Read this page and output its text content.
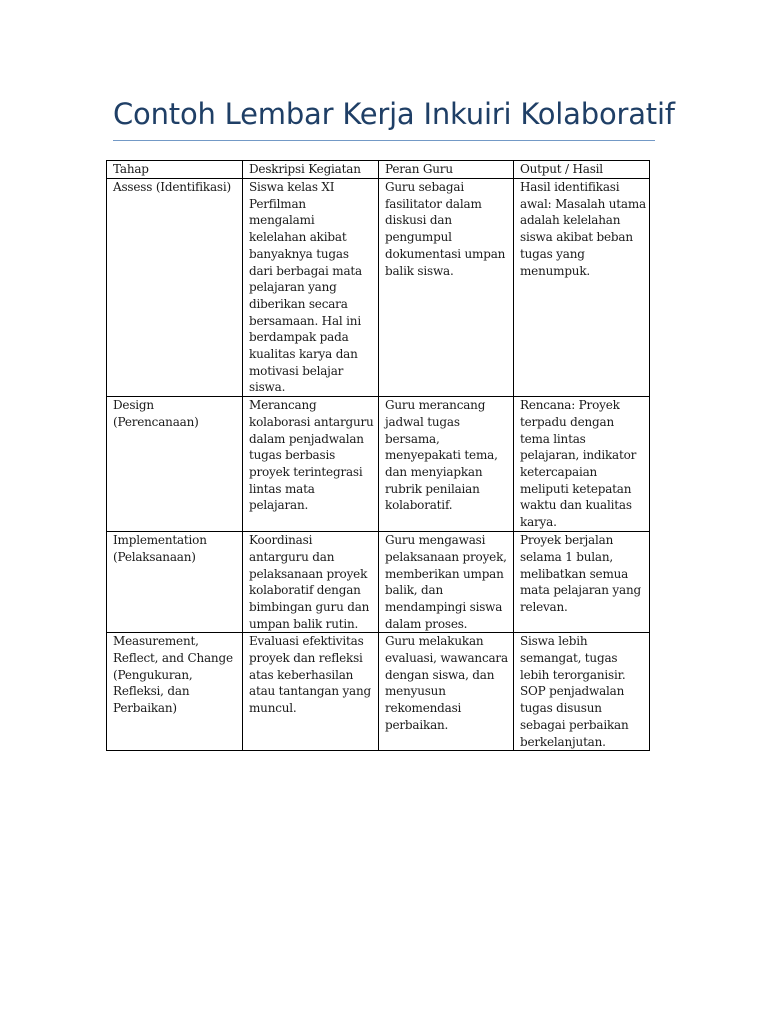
Contoh Lembar Kerja Inkuiri Kolaboratif
Tahap	Deskripsi Kegiatan	Peran Guru	Output / Hasil
Assess (Identifikasi)	Siswa kelas XI Perfilman mengalami kelelahan akibat banyaknya tugas dari berbagai mata pelajaran yang diberikan secara bersamaan. Hal ini berdampak pada kualitas karya dan motivasi belajar siswa.	Guru sebagai fasilitator dalam diskusi dan pengumpul dokumentasi umpan balik siswa.	Hasil identifikasi awal: Masalah utama adalah kelelahan siswa akibat beban tugas yang menumpuk.
Design (Perencanaan)	Merancang kolaborasi antarguru dalam penjadwalan tugas berbasis proyek terintegrasi lintas mata pelajaran.	Guru merancang jadwal tugas bersama, menyepakati tema, dan menyiapkan rubrik penilaian kolaboratif.	Rencana: Proyek terpadu dengan tema lintas pelajaran, indikator ketercapaian meliputi ketepatan waktu dan kualitas karya.
Implementation (Pelaksanaan)	Koordinasi antarguru dan pelaksanaan proyek kolaboratif dengan bimbingan guru dan umpan balik rutin.	Guru mengawasi pelaksanaan proyek, memberikan umpan balik, dan mendampingi siswa dalam proses.	Proyek berjalan selama 1 bulan, melibatkan semua mata pelajaran yang relevan.
Measurement, Reflect, and Change (Pengukuran, Refleksi, dan Perbaikan)	Evaluasi efektivitas proyek dan refleksi atas keberhasilan atau tantangan yang muncul.	Guru melakukan evaluasi, wawancara dengan siswa, dan menyusun rekomendasi perbaikan.	Siswa lebih semangat, tugas lebih terorganisir. SOP penjadwalan tugas disusun sebagai perbaikan berkelanjutan.
